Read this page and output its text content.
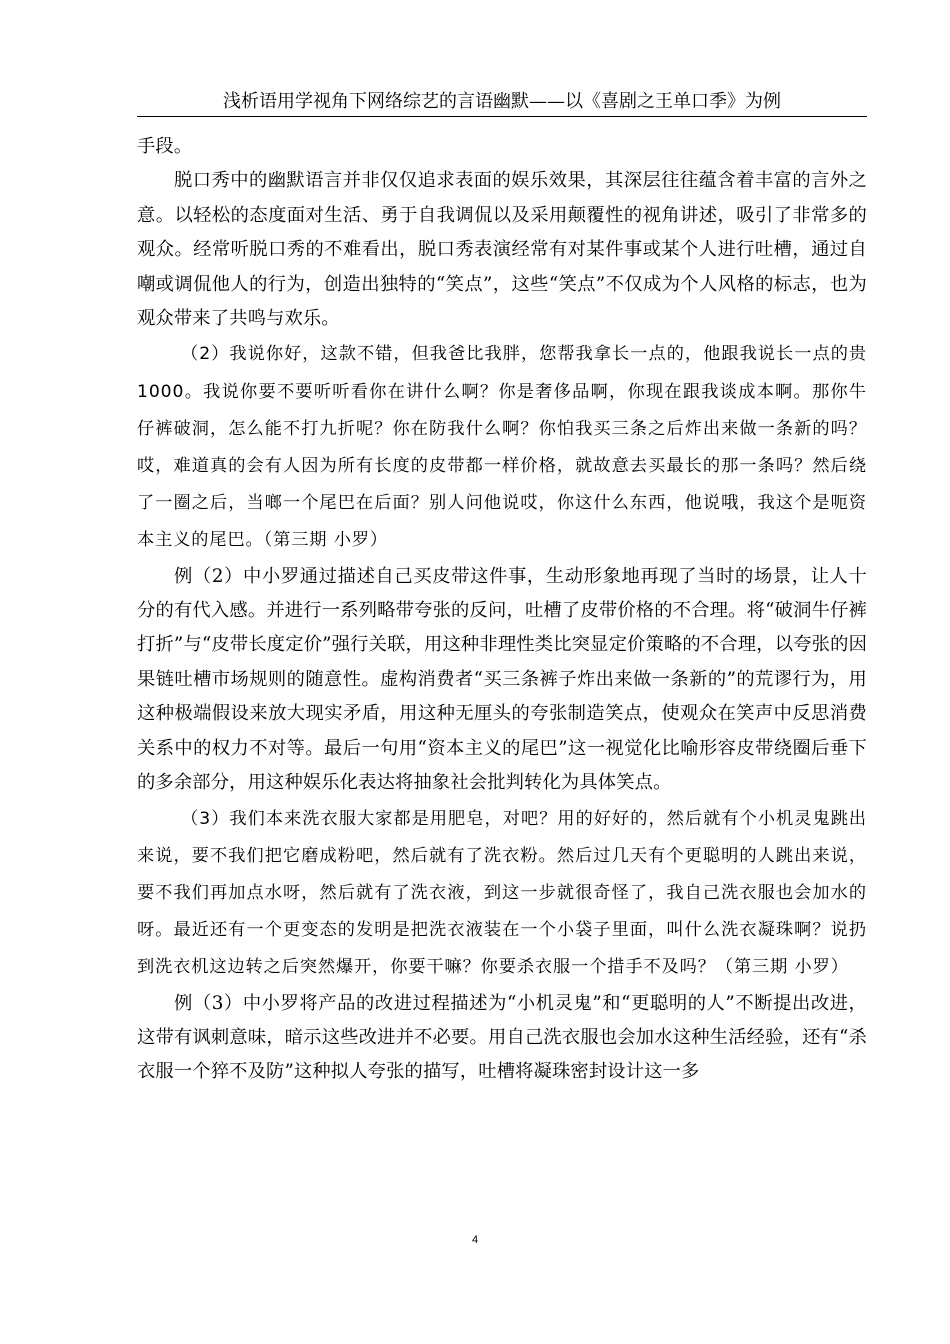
浅析语用学视角下网络综艺的言语幽默——以《喜剧之王单口季》为例

手段。

脱口秀中的幽默语言并非仅仅追求表面的娱乐效果，其深层往往蕴含着丰富的言外之意。以轻松的态度面对生活、勇于自我调侃以及采用颠覆性的视角讲述，吸引了非常多的观众。经常听脱口秀的不难看出，脱口秀表演经常有对某件事或某个人进行吐槽，通过自嘲或调侃他人的行为，创造出独特的“笑点”，这些“笑点”不仅成为个人风格的标志，也为观众带来了共鸣与欢乐。

（2）我说你好，这款不错，但我爸比我胖，您帮我拿长一点的，他跟我说长一点的贵1000。我说你要不要听听看你在讲什么啊？你是奢侈品啊，你现在跟我谈成本啊。那你牛仔裤破洞，怎么能不打九折呢？你在防我什么啊？你怕我买三条之后炸出来做一条新的吗？哎，难道真的会有人因为所有长度的皮带都一样价格，就故意去买最长的那一条吗？然后绕了一圈之后，当啷一个尾巴在后面？别人问他说哎，你这什么东西，他说哦，我这个是呃资本主义的尾巴。（第三期 小罗）

例（2）中小罗通过描述自己买皮带这件事，生动形象地再现了当时的场景，让人十分的有代入感。并进行一系列略带夸张的反问，吐槽了皮带价格的不合理。将“破洞牛仔裤打折”与“皮带长度定价”强行关联，用这种非理性类比突显定价策略的不合理，以夸张的因果链吐槽市场规则的随意性。虚构消费者“买三条裤子炸出来做一条新的”的荒谬行为，用这种极端假设来放大现实矛盾，用这种无厘头的夸张制造笑点，使观众在笑声中反思消费关系中的权力不对等。最后一句用“资本主义的尾巴”这一视觉化比喻形容皮带绕圈后垂下的多余部分，用这种娱乐化表达将抽象社会批判转化为具体笑点。

（3）我们本来洗衣服大家都是用肥皂，对吧？用的好好的，然后就有个小机灵鬼跳出来说，要不我们把它磨成粉吧，然后就有了洗衣粉。然后过几天有个更聪明的人跳出来说，要不我们再加点水呀，然后就有了洗衣液，到这一步就很奇怪了，我自己洗衣服也会加水的呀。最近还有一个更变态的发明是把洗衣液装在一个小袋子里面，叫什么洗衣凝珠啊？说扔到洗衣机这边转之后突然爆开，你要干嘛？你要杀衣服一个措手不及吗？（第三期 小罗）

例（3）中小罗将产品的改进过程描述为“小机灵鬼”和“更聪明的人”不断提出改进，这带有讽刺意味，暗示这些改进并不必要。用自己洗衣服也会加水这种生活经验，还有“杀衣服一个猝不及防”这种拟人夸张的描写，吐槽将凝珠密封设计这一多

4
